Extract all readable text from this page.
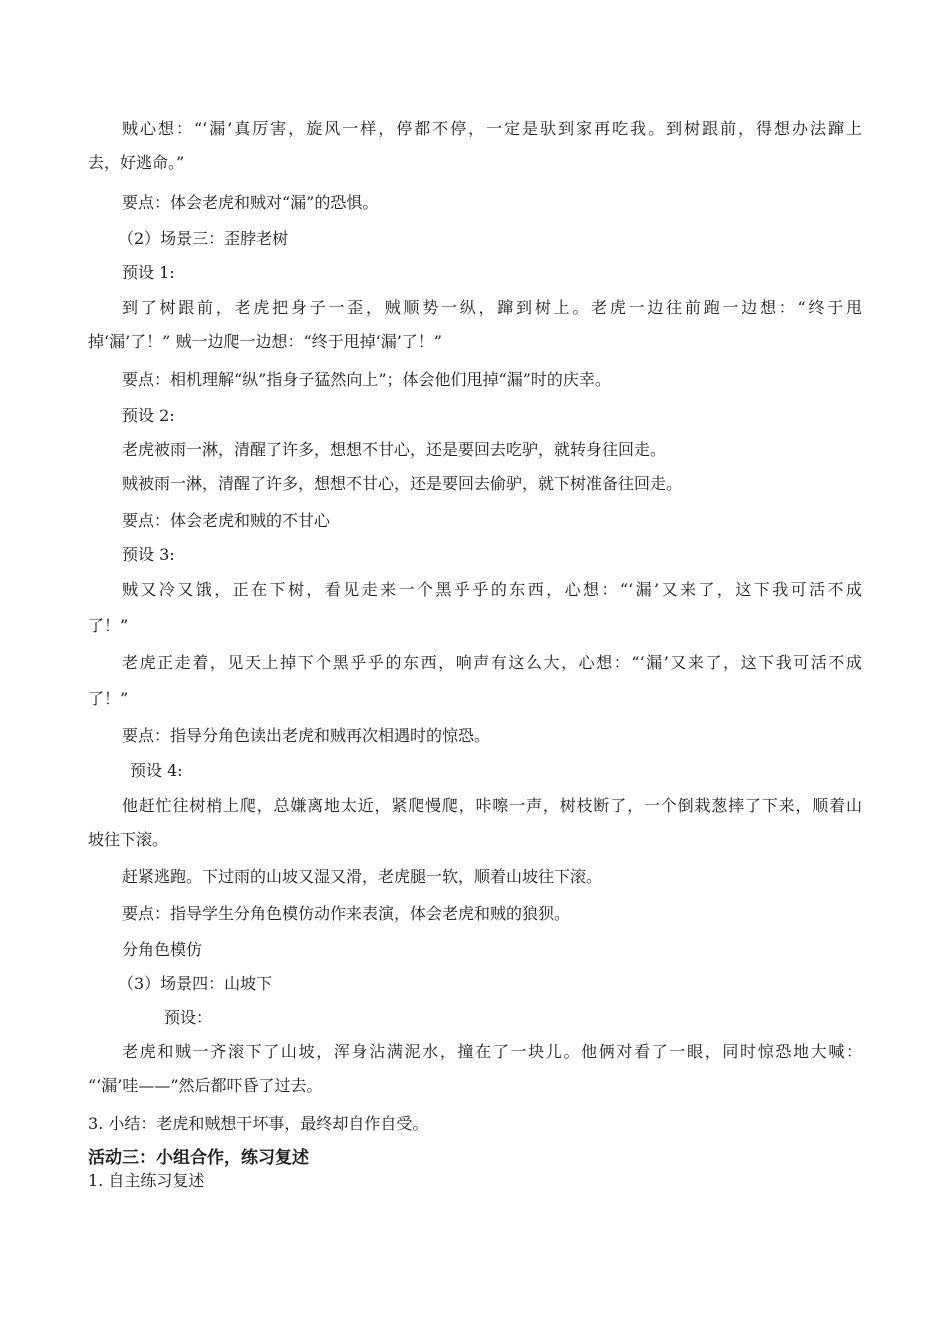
贼心想：“‘漏’真厉害，旋风一样，停都不停，一定是驮到家再吃我。到树跟前，得想办法蹿上
去，好逃命。”
要点：体会老虎和贼对“漏”的恐惧。
（2）场景三：歪脖老树
预设 1:
到了树跟前，老虎把身子一歪，贼顺势一纵，蹿到树上。老虎一边往前跑一边想：“终于甩
掉‘漏’了！” 贼一边爬一边想：“终于甩掉‘漏’了！”
要点：相机理解“纵”指身子猛然向上”；体会他们甩掉“漏”时的庆幸。
预设 2:
老虎被雨一淋，清醒了许多，想想不甘心，还是要回去吃驴，就转身往回走。
贼被雨一淋，清醒了许多，想想不甘心，还是要回去偷驴，就下树准备往回走。
要点：体会老虎和贼的不甘心
预设 3:
贼又冷又饿，正在下树，看见走来一个黑乎乎的东西，心想：“‘漏’又来了，这下我可活不成
了！”
老虎正走着，见天上掉下个黑乎乎的东西，响声有这么大，心想：“‘漏’又来了，这下我可活不成
了！”
要点：指导分角色读出老虎和贼再次相遇时的惊恐。
预设 4:
他赶忙往树梢上爬，总嫌离地太近，紧爬慢爬，咔嚓一声，树枝断了，一个倒栽葱摔了下来，顺着山
坡往下滚。
赶紧逃跑。下过雨的山坡又湿又滑，老虎腿一软，顺着山坡往下滚。
要点：指导学生分角色模仿动作来表演，体会老虎和贼的狼狈。
分角色模仿
（3）场景四：山坡下
预设：
老虎和贼一齐滚下了山坡，浑身沾满泥水，撞在了一块儿。他俩对看了一眼，同时惊恐地大喊：
“‘漏’哇——”然后都吓昏了过去。
3. 小结：老虎和贼想干坏事，最终却自作自受。
活动三：小组合作，练习复述
1. 自主练习复述
